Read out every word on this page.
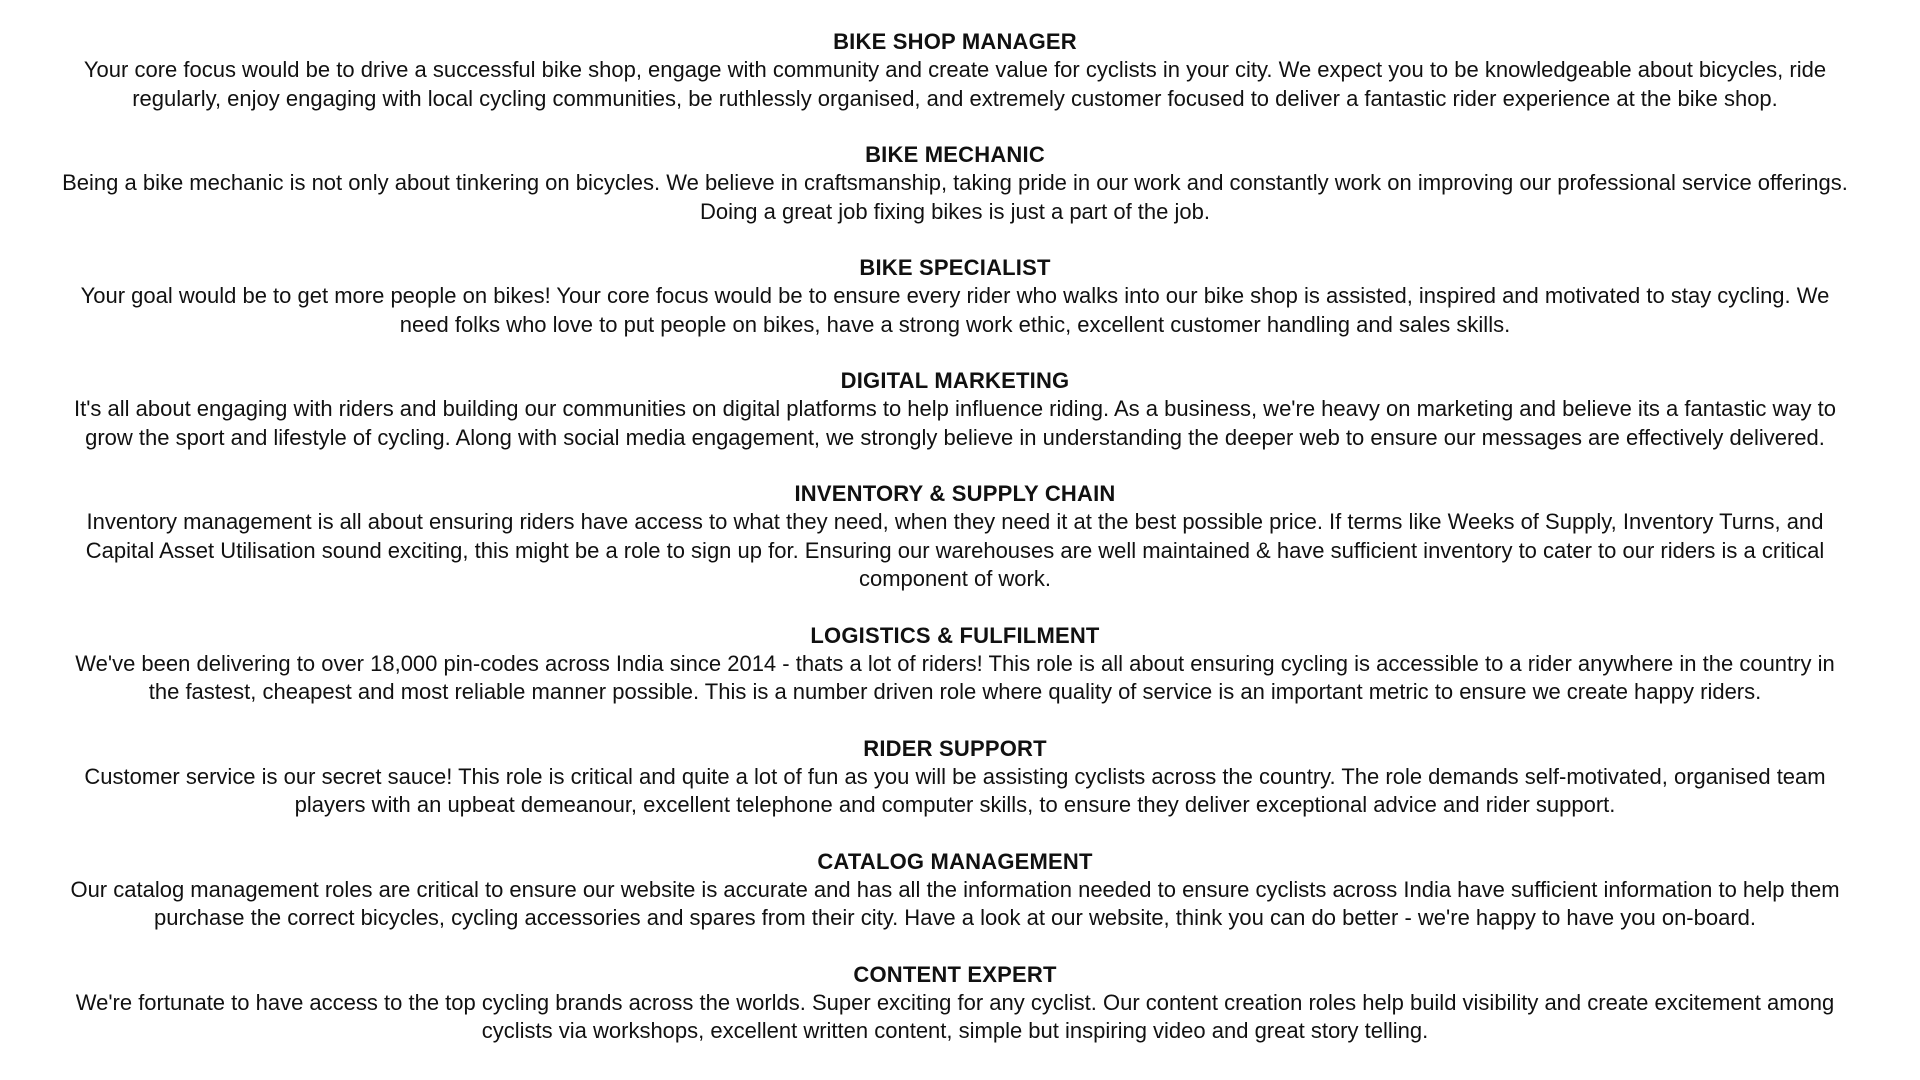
BIKE SHOP MANAGER

Your core focus would be to drive a successful bike shop, engage with community and create value for cyclists in your city. We expect you to be knowledgeable about bicycles, ride regularly, enjoy engaging with local cycling communities, be ruthlessly organised, and extremely customer focused to deliver a fantastic rider experience at the bike shop.

BIKE MECHANIC

Being a bike mechanic is not only about tinkering on bicycles. We believe in craftsmanship, taking pride in our work and constantly work on improving our professional service offerings. Doing a great job fixing bikes is just a part of the job.

BIKE SPECIALIST

Your goal would be to get more people on bikes! Your core focus would be to ensure every rider who walks into our bike shop is assisted, inspired and motivated to stay cycling. We need folks who love to put people on bikes, have a strong work ethic, excellent customer handling and sales skills.

DIGITAL MARKETING

It's all about engaging with riders and building our communities on digital platforms to help influence riding. As a business, we're heavy on marketing and believe its a fantastic way to grow the sport and lifestyle of cycling. Along with social media engagement, we strongly believe in understanding the deeper web to ensure our messages are effectively delivered.

INVENTORY & SUPPLY CHAIN

Inventory management is all about ensuring riders have access to what they need, when they need it at the best possible price. If terms like Weeks of Supply, Inventory Turns, and Capital Asset Utilisation sound exciting, this might be a role to sign up for. Ensuring our warehouses are well maintained & have sufficient inventory to cater to our riders is a critical component of work.

LOGISTICS & FULFILMENT

We've been delivering to over 18,000 pin-codes across India since 2014 - thats a lot of riders! This role is all about ensuring cycling is accessible to a rider anywhere in the country in the fastest, cheapest and most reliable manner possible. This is a number driven role where quality of service is an important metric to ensure we create happy riders.

RIDER SUPPORT

Customer service is our secret sauce! This role is critical and quite a lot of fun as you will be assisting cyclists across the country. The role demands self-motivated, organised team players with an upbeat demeanour, excellent telephone and computer skills, to ensure they deliver exceptional advice and rider support.

CATALOG MANAGEMENT

Our catalog management roles are critical to ensure our website is accurate and has all the information needed to ensure cyclists across India have sufficient information to help them purchase the correct bicycles, cycling accessories and spares from their city. Have a look at our website, think you can do better - we're happy to have you on-board.

CONTENT EXPERT

We're fortunate to have access to the top cycling brands across the worlds. Super exciting for any cyclist. Our content creation roles help build visibility and create excitement among cyclists via workshops, excellent written content, simple but inspiring video and great story telling.
